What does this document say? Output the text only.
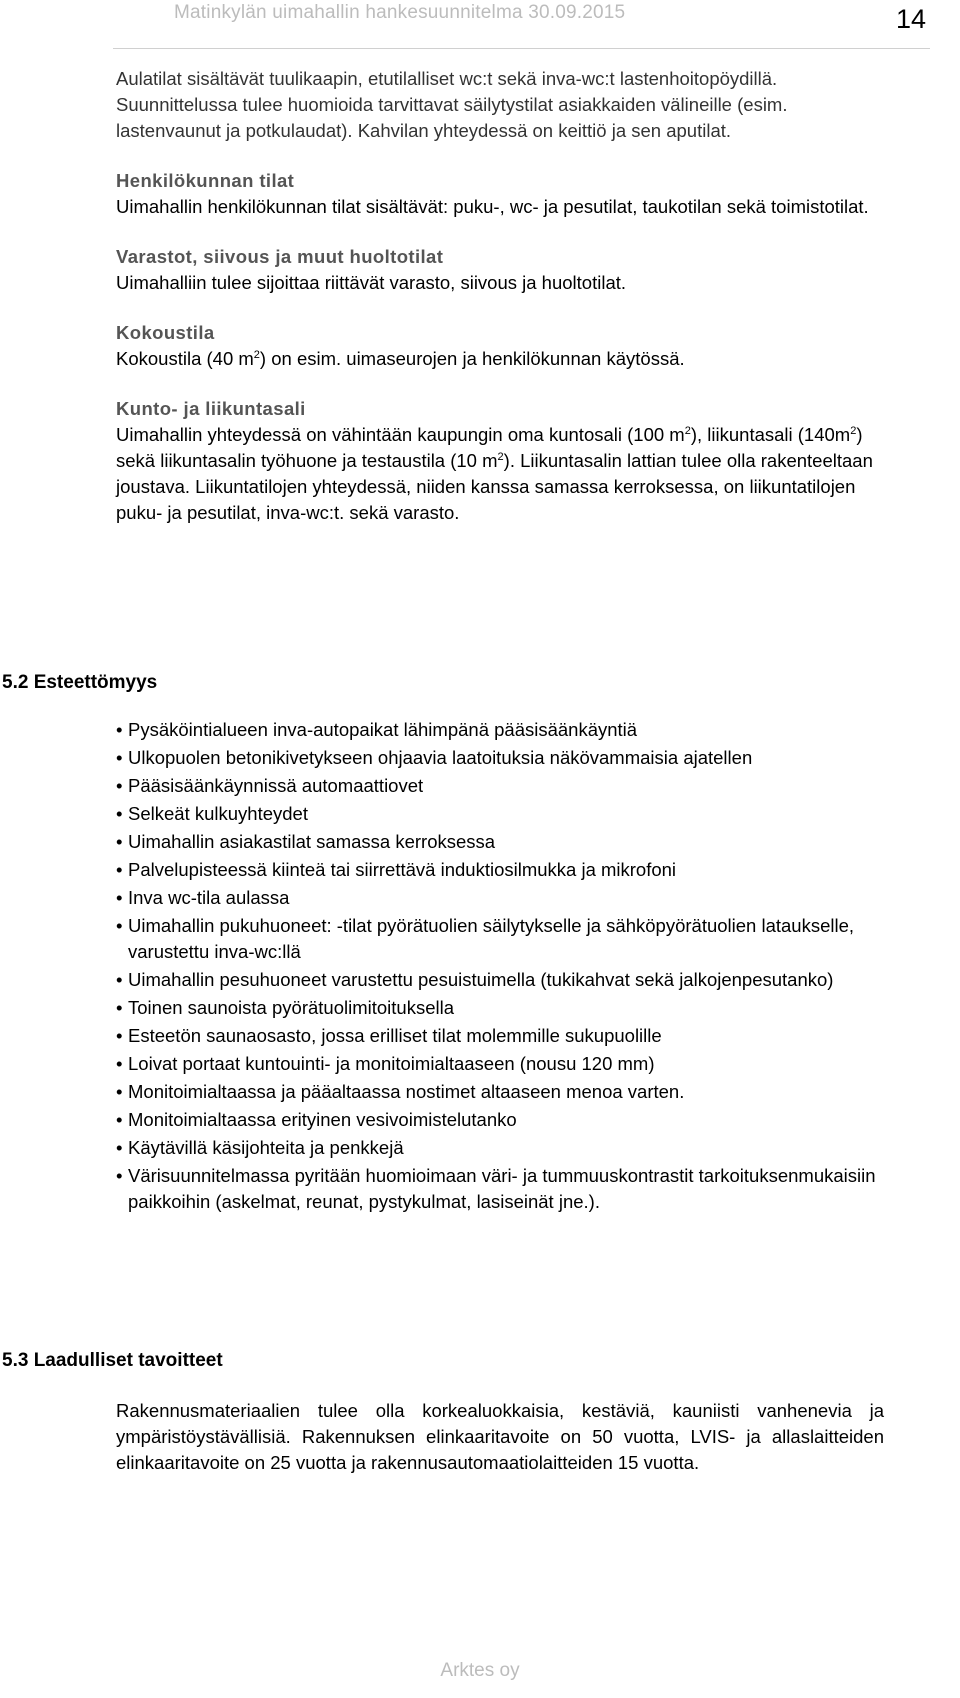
Matinkylän uimahallin hankesuunnitelma 30.09.2015	14

Aulatilat sisältävät tuulikaapin, etutilalliset wc:t sekä inva-wc:t lastenhoitopöydillä. Suunnittelussa tulee huomioida tarvittavat säilytystilat asiakkaiden välineille (esim. lastenvaunut ja potkulaudat). Kahvilan yhteydessä on keittiö ja sen aputilat.

Henkilökunnan tilat

Uimahallin henkilökunnan tilat sisältävät: puku-, wc- ja pesutilat, taukotilan sekä toimistotilat.

Varastot, siivous ja muut huoltotilat

Uimahalliin tulee sijoittaa riittävät varasto, siivous ja huoltotilat.

Kokoustila

Kokoustila (40 $m^2$) on esim. uimaseurojen ja henkilökunnan käytössä.

Kunto- ja liikuntasali

Uimahallin yhteydessä on vähintään kaupungin oma kuntosali (100 $m^2$), liikuntasali $(140m^2)$ sekä liikuntasalin työhuone ja testaustila (10 $m^2$). Liikuntasalin lattian tulee olla rakenteeltaan joustava. Liikuntatilojen yhteydessä, niiden kanssa samassa kerroksessa, on liikuntatilojen puku- ja pesutilat, inva-wc:t. sekä varasto.

5.2 Esteettömyys
• Pysäköintialueen inva-autopaikat lähimpänä pääsisäänkäyntiä
• Ulkopuolen betonikivetykseen ohjaavia laatoituksia näkövammaisia ajatellen
• Pääsisäänkäynnissä automaattiovet
• Selkeät kulkuyhteydet
• Uimahallin asiakastilat samassa kerroksessa
• Palvelupisteessä kiinteä tai siirrettävä induktiosilmukka ja mikrofoni
• Inva wc-tila aulassa
• Uimahallin pukuhuoneet: -tilat pyörätuolien säilytykselle ja sähköpyörätuolien lataukselle, varustettu inva-wc:llä
• Uimahallin pesuhuoneet varustettu pesuistuimella (tukikahvat sekä jalkojenpesutanko)
• Toinen saunoista pyörätuolimitoituksella
• Esteetön saunaosasto, jossa erilliset tilat molemmille sukupuolille
• Loivat portaat kuntouinti- ja monitoimialtaaseen (nousu 120 mm)
• Monitoimialtaassa ja pääaltaassa nostimet altaaseen menoa varten.
• Monitoimialtaassa erityinen vesivoimistelutanko
• Käytävillä käsijohteita ja penkkejä
• Värisuunnitelmassa pyritään huomioimaan väri- ja tummuuskontrastit tarkoituksenmukaisiin paikkoihin (askelmat, reunat, pystykulmat, lasiseinät jne.).
5.3 Laadulliset tavoitteet

Rakennusmateriaalien tulee olla korkealuokkaisia, kestäviä, kauniisti vanhenevia ja ympäristöystävällisiä. Rakennuksen elinkaaritavoite on 50 vuotta, LVIS- ja allaslaitteiden elinkaaritavoite on 25 vuotta ja rakennusautomaatiolaitteiden 15 vuotta.

Arktes oy
